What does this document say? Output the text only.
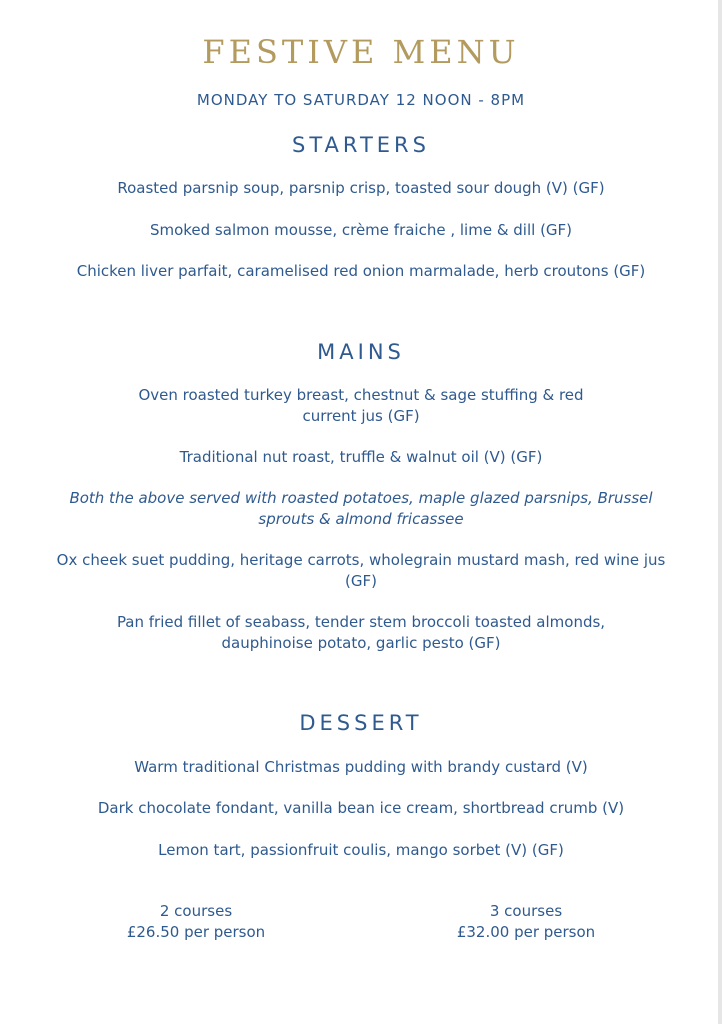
FESTIVE MENU
MONDAY TO SATURDAY 12 NOON - 8PM
STARTERS
Roasted parsnip soup, parsnip crisp, toasted sour dough (V) (GF)
Smoked salmon mousse, crème fraiche , lime & dill (GF)
Chicken liver parfait, caramelised red onion marmalade, herb croutons (GF)
MAINS
Oven roasted turkey breast, chestnut & sage stuffing & red current jus (GF)
Traditional nut roast, truffle & walnut oil (V) (GF)
Both the above served with roasted potatoes, maple glazed parsnips, Brussel sprouts & almond fricassee
Ox cheek suet pudding, heritage carrots, wholegrain mustard mash, red wine jus (GF)
Pan fried fillet of seabass, tender stem broccoli toasted almonds, dauphinoise potato, garlic pesto (GF)
DESSERT
Warm traditional Christmas pudding with brandy custard (V)
Dark chocolate fondant, vanilla bean ice cream, shortbread crumb (V)
Lemon tart, passionfruit coulis, mango sorbet (V) (GF)
2 courses
£26.50 per person
3 courses
£32.00 per person
